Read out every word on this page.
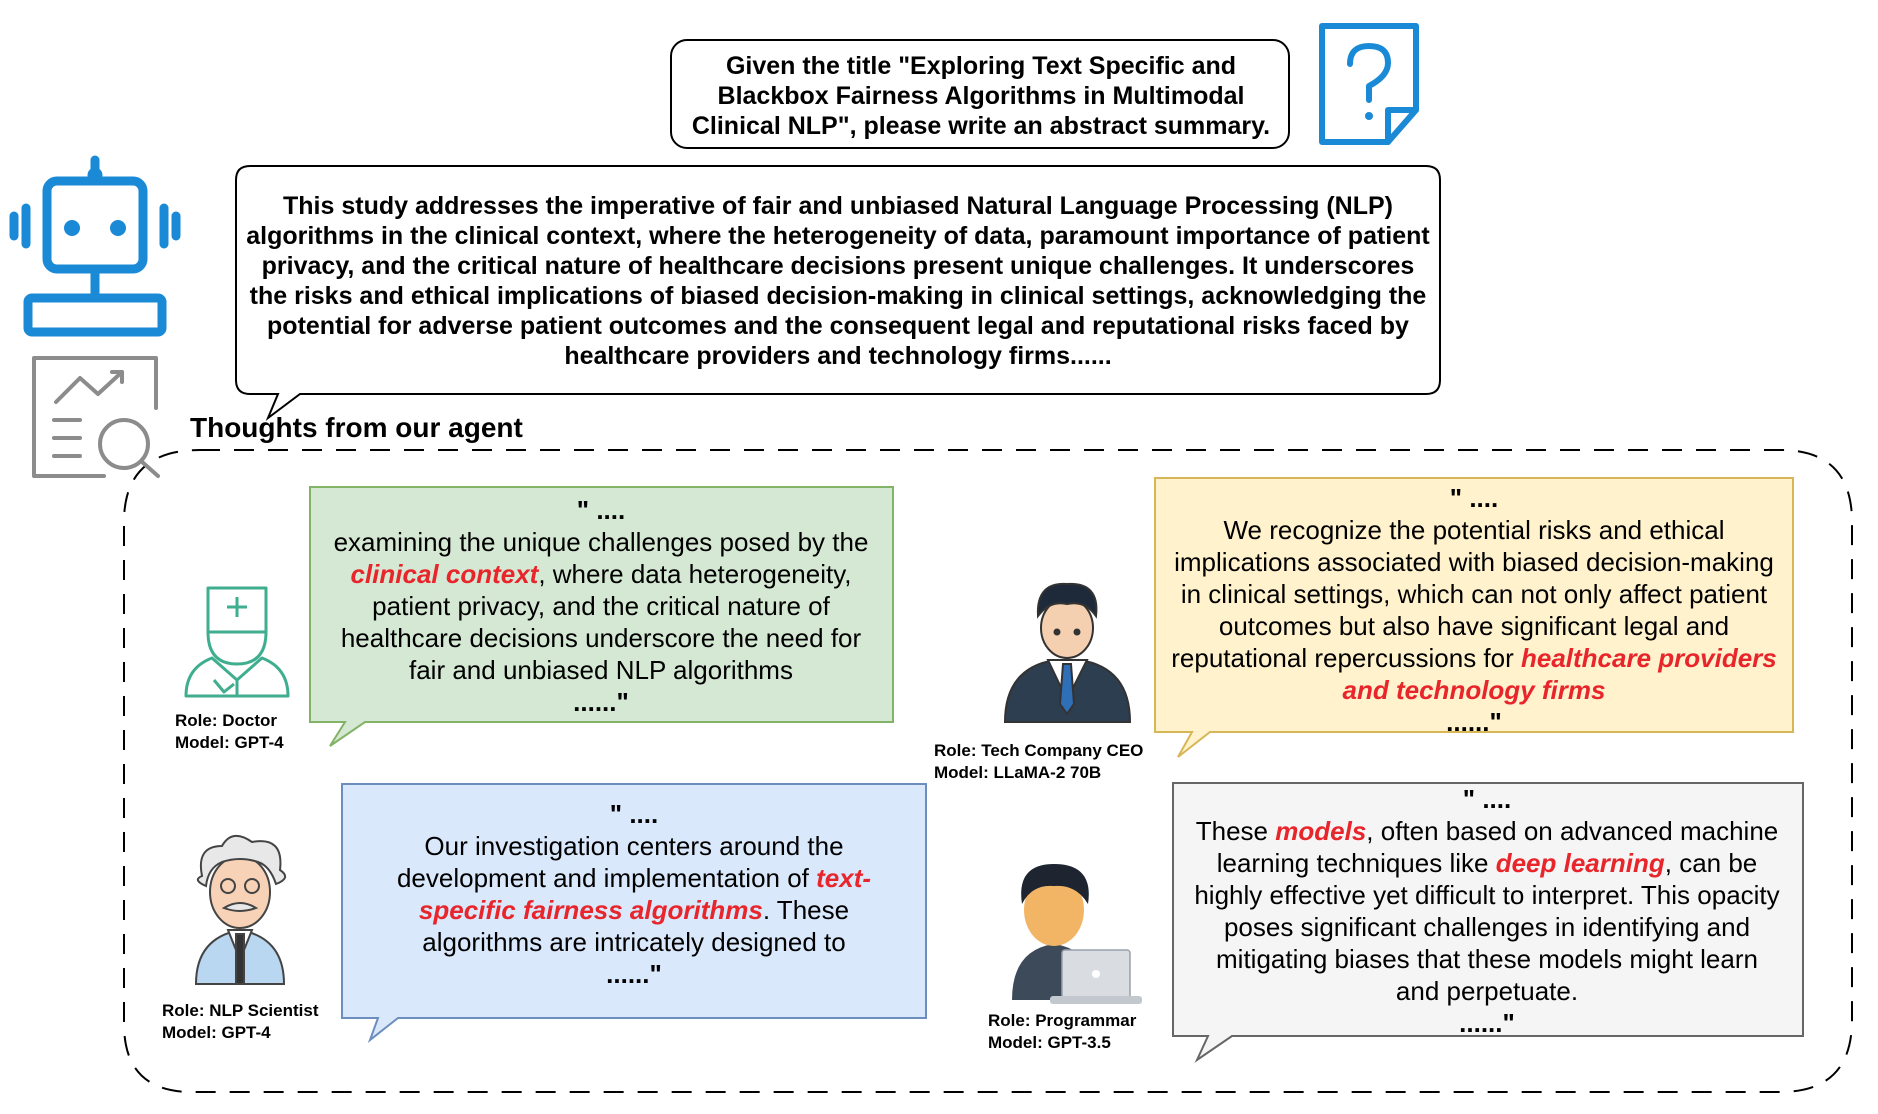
Given the title "Exploring Text Specific and Blackbox Fairness Algorithms in Multimodal Clinical NLP", please write an abstract summary.
This study addresses the imperative of fair and unbiased Natural Language Processing (NLP) algorithms in the clinical context, where the heterogeneity of data, paramount importance of patient privacy, and the critical nature of healthcare decisions present unique challenges. It underscores the risks and ethical implications of biased decision-making in clinical settings, acknowledging the potential for adverse patient outcomes and the consequent legal and reputational risks faced by healthcare providers and technology firms......
Thoughts from our agent
" ....
examining the unique challenges posed by the clinical context, where data heterogeneity, patient privacy, and the critical nature of healthcare decisions underscore the need for fair and unbiased NLP algorithms
......"
Role: Doctor
Model: GPT-4
" ....
We recognize the potential risks and ethical implications associated with biased decision-making in clinical settings, which can not only affect patient outcomes but also have significant legal and reputational repercussions for healthcare providers and technology firms
......"
Role: Tech Company CEO
Model: LLaMA-2 70B
" ....
Our investigation centers around the development and implementation of text-specific fairness algorithms. These algorithms are intricately designed to
......"
Role: NLP Scientist
Model: GPT-4
" ....
These models, often based on advanced machine learning techniques like deep learning, can be highly effective yet difficult to interpret. This opacity poses significant challenges in identifying and mitigating biases that these models might learn and perpetuate.
......"
Role: Programmar
Model: GPT-3.5
